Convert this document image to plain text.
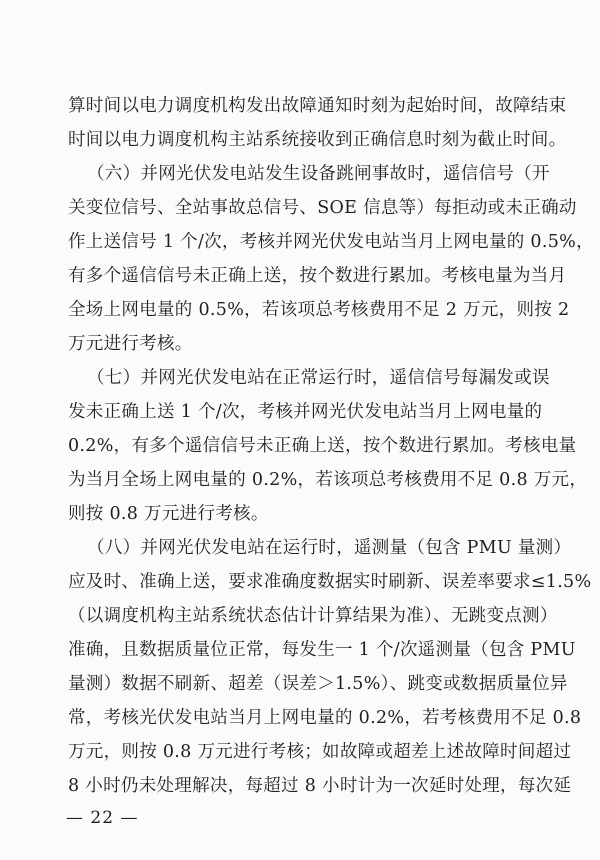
算时间以电力调度机构发出故障通知时刻为起始时间，故障结束
时间以电力调度机构主站系统接收到正确信息时刻为截止时间。
（六）并网光伏发电站发生设备跳闸事故时，遥信信号（开
关变位信号、全站事故总信号、SOE 信息等）每拒动或未正确动
作上送信号 1 个/次，考核并网光伏发电站当月上网电量的 0.5%，
有多个遥信信号未正确上送，按个数进行累加。考核电量为当月
全场上网电量的 0.5%，若该项总考核费用不足 2 万元，则按 2
万元进行考核。
（七）并网光伏发电站在正常运行时，遥信信号每漏发或误
发未正确上送 1 个/次，考核并网光伏发电站当月上网电量的
0.2%，有多个遥信信号未正确上送，按个数进行累加。考核电量
为当月全场上网电量的 0.2%，若该项总考核费用不足 0.8 万元，
则按 0.8 万元进行考核。
（八）并网光伏发电站在运行时，遥测量（包含 PMU 量测）
应及时、准确上送，要求准确度数据实时刷新、误差率要求≤1.5%
（以调度机构主站系统状态估计计算结果为准）、无跳变点测）
准确，且数据质量位正常，每发生一 1 个/次遥测量（包含 PMU
量测）数据不刷新、超差（误差＞1.5%）、跳变或数据质量位异
常，考核光伏发电站当月上网电量的 0.2%，若考核费用不足 0.8
万元，则按 0.8 万元进行考核；如故障或超差上述故障时间超过
8 小时仍未处理解决，每超过 8 小时计为一次延时处理，每次延
— 22 —
